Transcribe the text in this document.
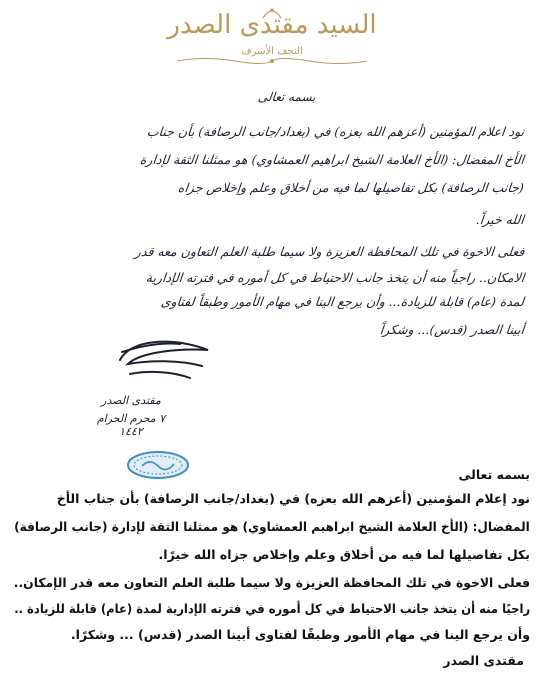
السيد مقتدى الصدر
النجف الأشرف
بسمه تعالى
نود اعلام المؤمنين (أعزهم الله بعزه) في (بغداد/جانب الرصافة) بأن جناب
الأخ المفضال: (الأخ العلامة الشيخ ابراهيم العمشاوي) هو ممثلنا الثقة لإدارة
(جانب الرصافة) بكل تفاصيلها لما فيه من أخلاق وعلم وإخلاص جزاه
الله خيراً.
فعلى الاخوة في تلك المحافظة العزيزة ولا سيما طلبة العلم التعاون معه قدر
الامكان.. راجياً منه أن يتخذ جانب الاحتياط في كل أموره في فترته الإدارية
لمدة (عام) قابلة للزيادة... وأن يرجع الينا في مهام الأمور وطبقاً لفتاوى
أبينا الصدر (قدس)... وشكراً
مقتدى الصدر
٧ محرم الحرام ١٤٤٢
بسمه تعالى
نود إعلام المؤمنين (أعزهم الله بعزه) في (بغداد/جانب الرصافة) بأن جناب الأخ
المفضال: (الأخ العلامة الشيخ ابراهيم العمشاوي) هو ممثلنا الثقة لإدارة (جانب الرصافة)
بكل تفاصيلها لما فيه من أخلاق وعلم وإخلاص جزاه الله خيرًا.
فعلى الاخوة في تلك المحافظة العزيزة ولا سيما طلبة العلم التعاون معه قدر الإمكان..
راجيًا منه أن يتخذ جانب الاحتياط في كل أموره في فترته الإدارية لمدة (عام) قابلة للزيادة ..
وأن يرجع الينا في مهام الأمور وطبقًا لفتاوى أبينا الصدر (قدس) ... وشكرًا.
مقتدى الصدر
